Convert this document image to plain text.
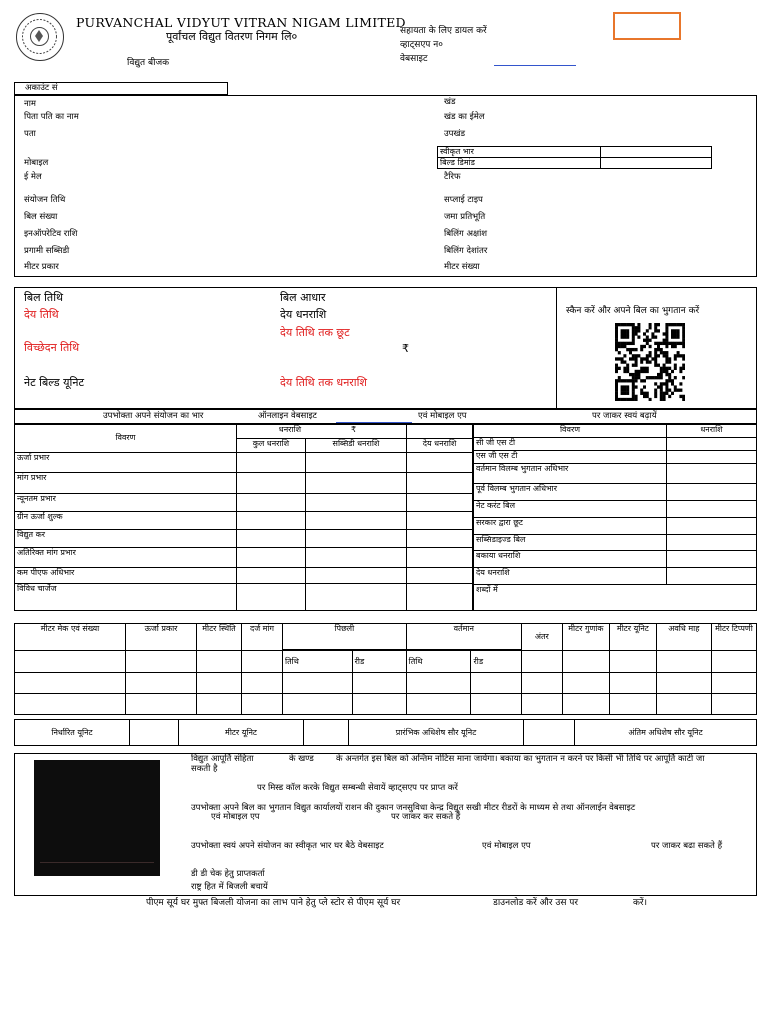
PURVANCHAL VIDYUT VITRAN NIGAM LIMITED
पूर्वांचल विद्युत वितरण निगम लि०	सहायता के लिए डायल करें
व्हाट्सएप न०
वेबसाइट
विद्युत बीजक
अकाउंट सं
नाम
पिता पति का नाम
पता
मोबाइल
ई मेल
संयोजन तिथि
बिल संख्या
इनऑपरेटिव राशि
प्रगामी सब्सिडी
मीटर प्रकार
खंड
खंड का ईमेल
उपखंड
टैरिफ
सप्लाई टाइप
जमा प्रतिभूति
बिलिंग अक्षांश
बिलिंग देशांतर
मीटर संख्या
स्वीकृत भार	
बिल्ड डिमांड	
बिल तिथि
देय तिथि
विच्छेदन तिथि
नेट बिल्ड यूनिट
बिल आधार
देय धनराशि
देय तिथि तक छूट
₹
देय तिथि तक धनराशि
स्कैन करें और अपने बिल का भुगतान करें
उपभोक्ता अपने संयोजन का भार	ऑनलाइन वेबसाइट	एवं मोबाइल एप	पर जाकर स्वयं बढ़ायें
विवरण	धनराशि ₹		
	कुल धनराशि	सब्सिडी धनराशि	देय धनराशि
ऊर्जा प्रभार			
मांग प्रभार			
न्यूनतम प्रभार			
ग्रीन ऊर्जा शुल्क			
विद्युत कर			
अतिरिक्त मांग प्रभार			
कम पीएफ अधिभार			
विविध चार्जेज			
विवरण	धनराशि
सी जी एस टी	
एस जी एस टी	
वर्तमान विलम्ब भुगतान अधिभार	
पूर्व विलम्ब भुगतान अधिभार	
नेट करंट बिल	
सरकार द्वारा छूट	
सब्सिडाइज्ड बिल	
बकाया धनराशि	
देय धनराशि	
शब्दों में	
मीटर मेक एवं संख्या	ऊर्जा प्रकार	मीटर स्थिति	दर्ज मांग	पिछली		वर्तमान		अंतर	मीटर गुणांक	मीटर यूनिट	अवधि माह	मीटर टिप्पणी

				तिथि	रीड	तिथि	रीड					

निर्धारित यूनिट		मीटर यूनिट		प्रारंभिक अधिशेष सौर यूनिट		अंतिम अधिशेष सौर यूनिट
विद्युत आपूर्ति संहिता	के खण्ड	के अन्तर्गत इस बिल को अन्तिम नोटिस माना जायेगा। बकाया का भुगतान न करने पर किसी भी तिथि पर आपूर्ति काटी जा
सकती है
पर मिस्ड कॉल करके विद्युत सम्बन्धी सेवायें व्हाट्सएप पर प्राप्त करें
उपभोक्ता अपने बिल का भुगतान विद्युत कार्यालयों राशन की दुकान जनसुविधा केन्द्र विद्युत सखी मीटर रीडरों के माध्यम से तथा ऑनलाईन वेबसाइट
एवं मोबाइल एप	पर जाकर कर सकते हैं
उपभोक्ता स्वयं अपने संयोजन का स्वीकृत भार घर बैठे वेबसाइट	एवं मोबाइल एप	पर जाकर बढा सकते हैं
डी डी चेक हेतु प्राप्तकर्ता
राष्ट्र हित में बिजली बचायें
पीएम सूर्य घर मुफ्त बिजली योजना का लाभ पाने हेतु प्ले स्टोर से पीएम सूर्य घर	डाउनलोड करें और उस पर	करें।
